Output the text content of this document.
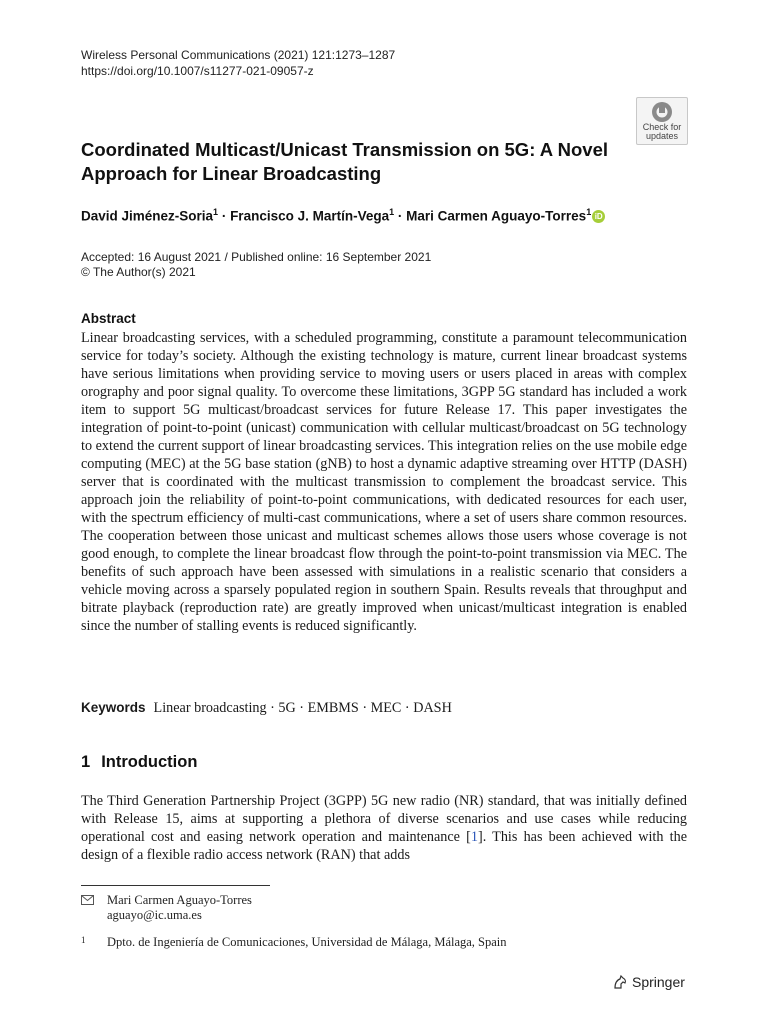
Wireless Personal Communications (2021) 121:1273–1287
https://doi.org/10.1007/s11277-021-09057-z
Check for
updates
Coordinated Multicast/Unicast Transmission on 5G: A Novel Approach for Linear Broadcasting
David Jiménez-Soria$^1$ · Francisco J. Martín-Vega$^1$ · Mari Carmen Aguayo-Torres$^1$ iD
Accepted: 16 August 2021 / Published online: 16 September 2021
© The Author(s) 2021
Abstract
Linear broadcasting services, with a scheduled programming, constitute a paramount telecommunication service for today’s society. Although the existing technology is mature, current linear broadcast systems have serious limitations when providing service to moving users or users placed in areas with complex orography and poor signal quality. To overcome these limitations, 3GPP 5G standard has included a work item to support 5G multicast/broadcast services for future Release 17. This paper investigates the integration of point-to-point (unicast) communication with cellular multicast/broadcast on 5G technology to extend the current support of linear broadcasting services. This integration relies on the use mobile edge computing (MEC) at the 5G base station (gNB) to host a dynamic adaptive streaming over HTTP (DASH) server that is coordinated with the multicast transmission to complement the broadcast service. This approach join the reliability of point-to-point communications, with dedicated resources for each user, with the spectrum efficiency of multi-cast communications, where a set of users share common resources. The cooperation between those unicast and multicast schemes allows those users whose coverage is not good enough, to complete the linear broadcast flow through the point-to-point transmission via MEC. The benefits of such approach have been assessed with simulations in a realistic scenario that considers a vehicle moving across a sparsely populated region in southern Spain. Results reveals that throughput and bitrate playback (reproduction rate) are greatly improved when unicast/multicast integration is enabled since the number of stalling events is reduced significantly.
Keywords Linear broadcasting · 5G · EMBMS · MEC · DASH
1 Introduction
The Third Generation Partnership Project (3GPP) 5G new radio (NR) standard, that was initially defined with Release 15, aims at supporting a plethora of diverse scenarios and use cases while reducing operational cost and easing network operation and maintenance [1]. This has been achieved with the design of a flexible radio access network (RAN) that adds
Mari Carmen Aguayo-Torres
aguayo@ic.uma.es
1 Dpto. de Ingeniería de Comunicaciones, Universidad de Málaga, Málaga, Spain
Springer
